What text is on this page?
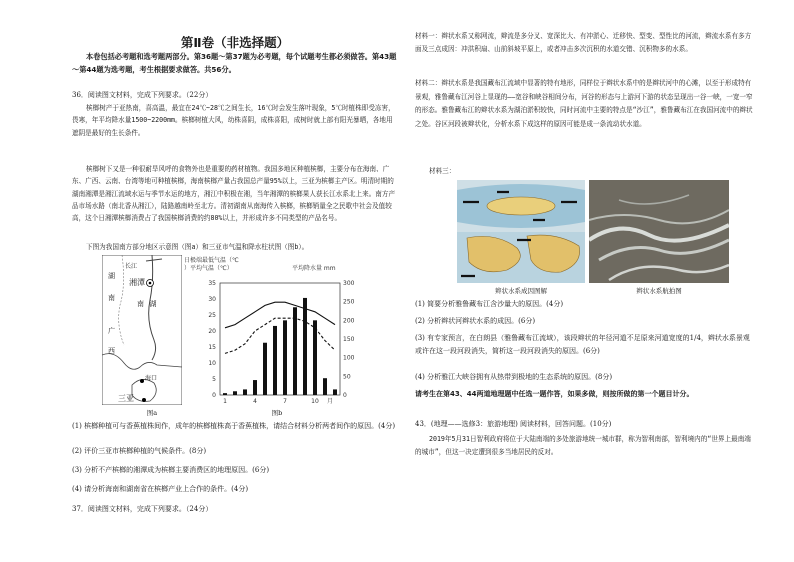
第Ⅱ卷（非选择题）

本卷包括必考题和选考题两部分。第36题～第37题为必考题，每个试题考生都必须做答。第43题～第44题为选考题，考生根据要求做答。共56分。

36．阅读图文材料，完成下列要求。（22分）

槟榔树产于亚热南，喜高温，最宜在24℃~28℃之间生长，16℃时会发生落叶现象，5℃时植株即受冻害，畏寒，年平均降水量1500~2200mm。槟榔树植大风，幼株喜阴，成株喜阳，成树时就上部有阳光暴晒，各地用遮阴是最好的生长条件。

槟榔树下又是一种很耐旱风呼的食物外也是重要的药材植物。我国多地区种植槟榔，主要分布在海南、广东、广西、云南、台湾等地可种植槟榔，海南槟榔产量占我国总产量95%以上，三亚为槟榔主产区。明清时期的湖南湘潭是湘江流域水运与季节水运的地方，湘江中积极在湘，当年湘潭的槟榔果人获长江水系北上来。南方产品市场水路（南北香从湘江），陆路越南岭至北方。清初湖南从南海传入槟榔，槟榔销量全之民歌中社会及值较高，这个日湘潭槟榔消费占了我国槟榔消费的约80%以上，并形成许多不同类型的产品名号。

下图为我国南方部分地区示意图（图a）和三亚市气温和降水柱状图（图b）。

长江
湘潭
湖
南
广
西
湖南
海口
三亚
图a
日极端最低气温（℃
）平均气温（℃）	平均降水量 mm
0
5
10
15
20
25
30
35
0
50
100
150
200
250
300
1	4	7	10 月
图b

(1) 槟榔种植可与香蕉植株间作，成年的槟榔植株高于香蕉植株，请结合材料分析两者间作的原因。(4分)

(2) 评价三亚市槟榔种植的气候条件。(8分)

(3) 分析不产槟榔的湘潭成为槟榔主要消费区的地理原因。(6分)

(4) 请分析海南和湖南省在槟榔产业上合作的条件。(4分)

37．阅读图文材料，完成下列要求。（24分）

材料一：辫状水系又称网流，辫流是多分叉、宽深比大、有冲淤心、迁移快、型变、型性比的河流，辫流水系有多方面及三点成因：冲洪积扇、山前斜坡平原上，或者冲击多次沉积的水道交错、沉积物多的水系。

材料二：辫状水系是我国藏布江流域中显著的特有地形，同样位于辫状水系中的是辫状河中的心滩，以至于形成特有景观，雅鲁藏布江河谷上显现的——宽谷和峡谷相间分布，河谷的形态与上游河下游的状态呈现出一谷一峡，一宽一窄的形态。雅鲁藏布江的辫状水系为湖泊淤积较快，同时河流中主要的特点是“沙江”，雅鲁藏布江在我国河流中的辫状之处。谷区河段被辫状化，分析水系下成这样的原因可能是成一条流动状水道。

材料三：

辫状水系成因图解	辫状水系航拍图

(1) 简要分析雅鲁藏布江含沙量大的原因。(4分)

(2) 分析辫状河辫状水系的成因。(6分)

(3) 有专家预言，在白朗县（雅鲁藏布江流域），该段辫状的年径河道不足原来河道宽度的1/4，辫状水系景观或许在这一段河段消失，简析这一段河段消失的原因。(6分)

(4) 分析雅江大峡谷拥有从热带到极地的生态系统的原因。(8分)

请考生在第43、44两道地理题中任选一题作答，如果多做，则按所做的第一个题目计分。

43．(地理——选修3：旅游地理) 阅读材料，回答问题。(10分)

2019年5月31日智利政府将位于大陆南端的多处旅游地统一城市群，称为智利南部，智利境内的“世界上最南端的城市”，但这一决定遭到很多当地居民的反对。
